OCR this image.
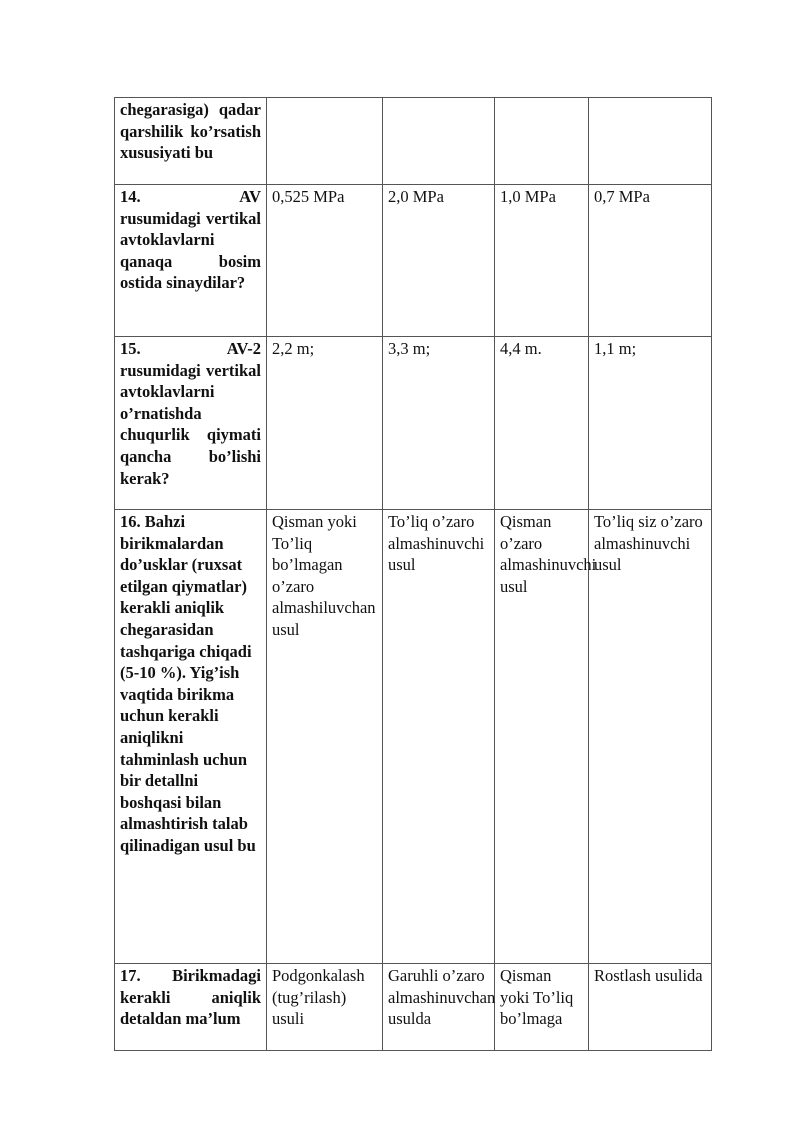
chegarasiga) qadar qarshilik ko’rsatish xususiyati bu				
14.     AV rusumidagi vertikal avtoklavlarni qanaqa bosim ostida sinaydilar?	0,525 MPa	2,0 MPa	1,0 MPa	0,7 MPa
15.     AV-2 rusumidagi vertikal avtoklavlarni o’rnatishda chuqurlik qiymati qancha bo’lishi kerak?	2,2 m;	3,3 m;	4,4 m.	1,1 m;
16. Bahzi birikmalardan do’usklar (ruxsat etilgan qiymatlar) kerakli aniqlik chegarasidan tashqariga chiqadi (5-10 %). Yig’ish vaqtida birikma uchun kerakli aniqlikni tahminlash uchun bir detallni boshqasi bilan almashtirish talab qilinadigan usul bu	Qisman yoki   To’liq bo’lmagan o’zaro almashiluvchan   usul	To’liq o’zaro almashinuvchi  usul	Qisman o’zaro almashinuvchi  usul	To’liq siz o’zaro almashinuvchi  usul
17.     Birikmadagi kerakli aniqlik detaldan ma’lum	Podgonkalash (tug’rilash) usuli	Garuhli o’zaro almashinuvchan usulda	Qisman yoki To’liq bo’lmaga	Rostlash usulida
